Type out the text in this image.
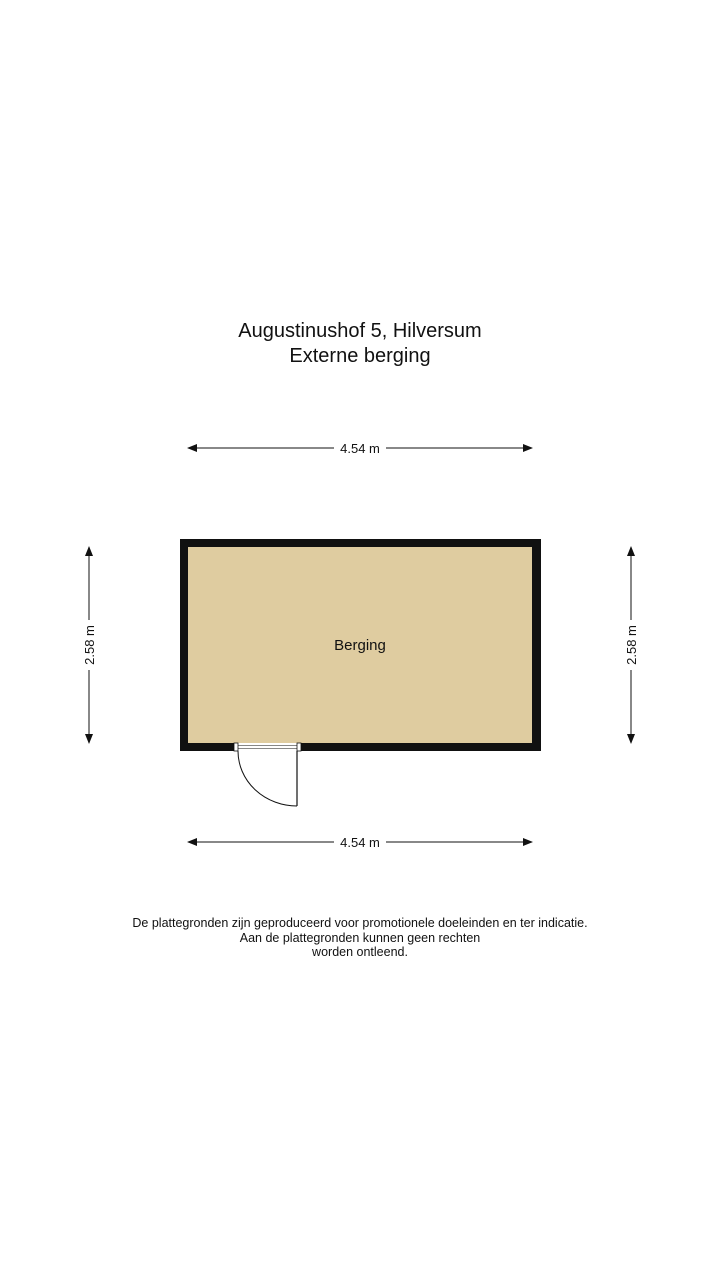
Augustinushof 5, Hilversum
Externe berging
4.54 m
2.58 m	2.58 m
Berging
4.54 m
De plattegronden zijn geproduceerd voor promotionele doeleinden en ter indicatie.
Aan de plattegronden kunnen geen rechten
worden ontleend.
